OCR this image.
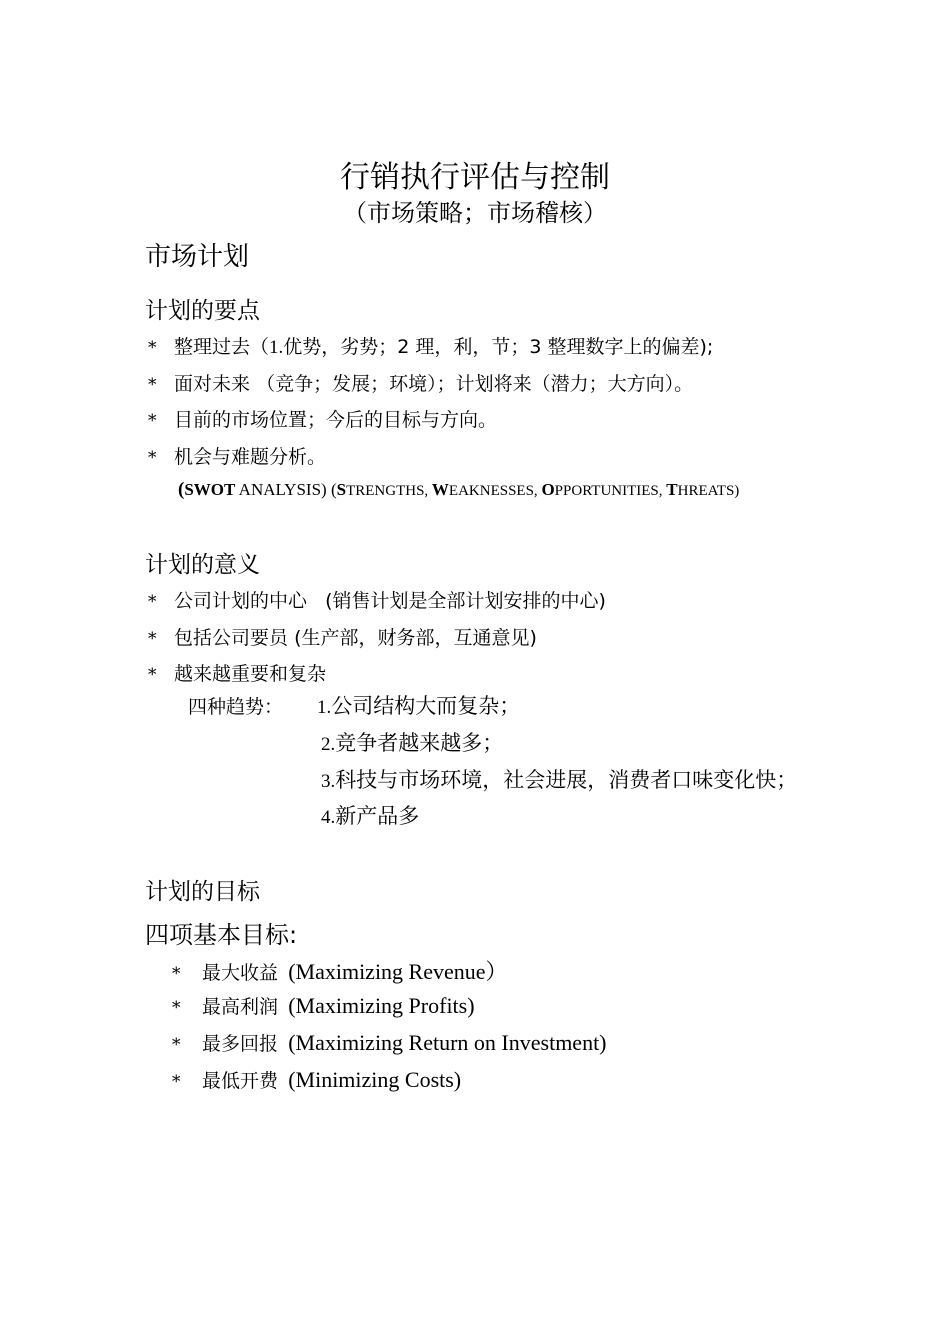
行销执行评估与控制
（市场策略；市场稽核）
市场计划
计划的要点
* 整理过去（1.优势，劣势；2 理，利，节；3 整理数字上的偏差);
* 面对未来 （竞争；发展；环境）；计划将来（潜力；大方向）。
* 目前的市场位置；今后的目标与方向。
* 机会与难题分析。
(SWOT ANALYSIS) (STRENGTHS, WEAKNESSES, OPPORTUNITIES, THREATS)
计划的意义
* 公司计划的中心 (销售计划是全部计划安排的中心)
* 包括公司要员 (生产部，财务部，互通意见)
* 越来越重要和复杂
四种趋势： 1.公司结构大而复杂；
2.竞争者越来越多；
3.科技与市场环境，社会进展，消费者口味变化快；
4.新产品多
计划的目标
四项基本目标:
* 最大收益 (Maximizing Revenue）
* 最高利润 (Maximizing Profits)
* 最多回报 (Maximizing Return on Investment)
* 最低开费 (Minimizing Costs)
